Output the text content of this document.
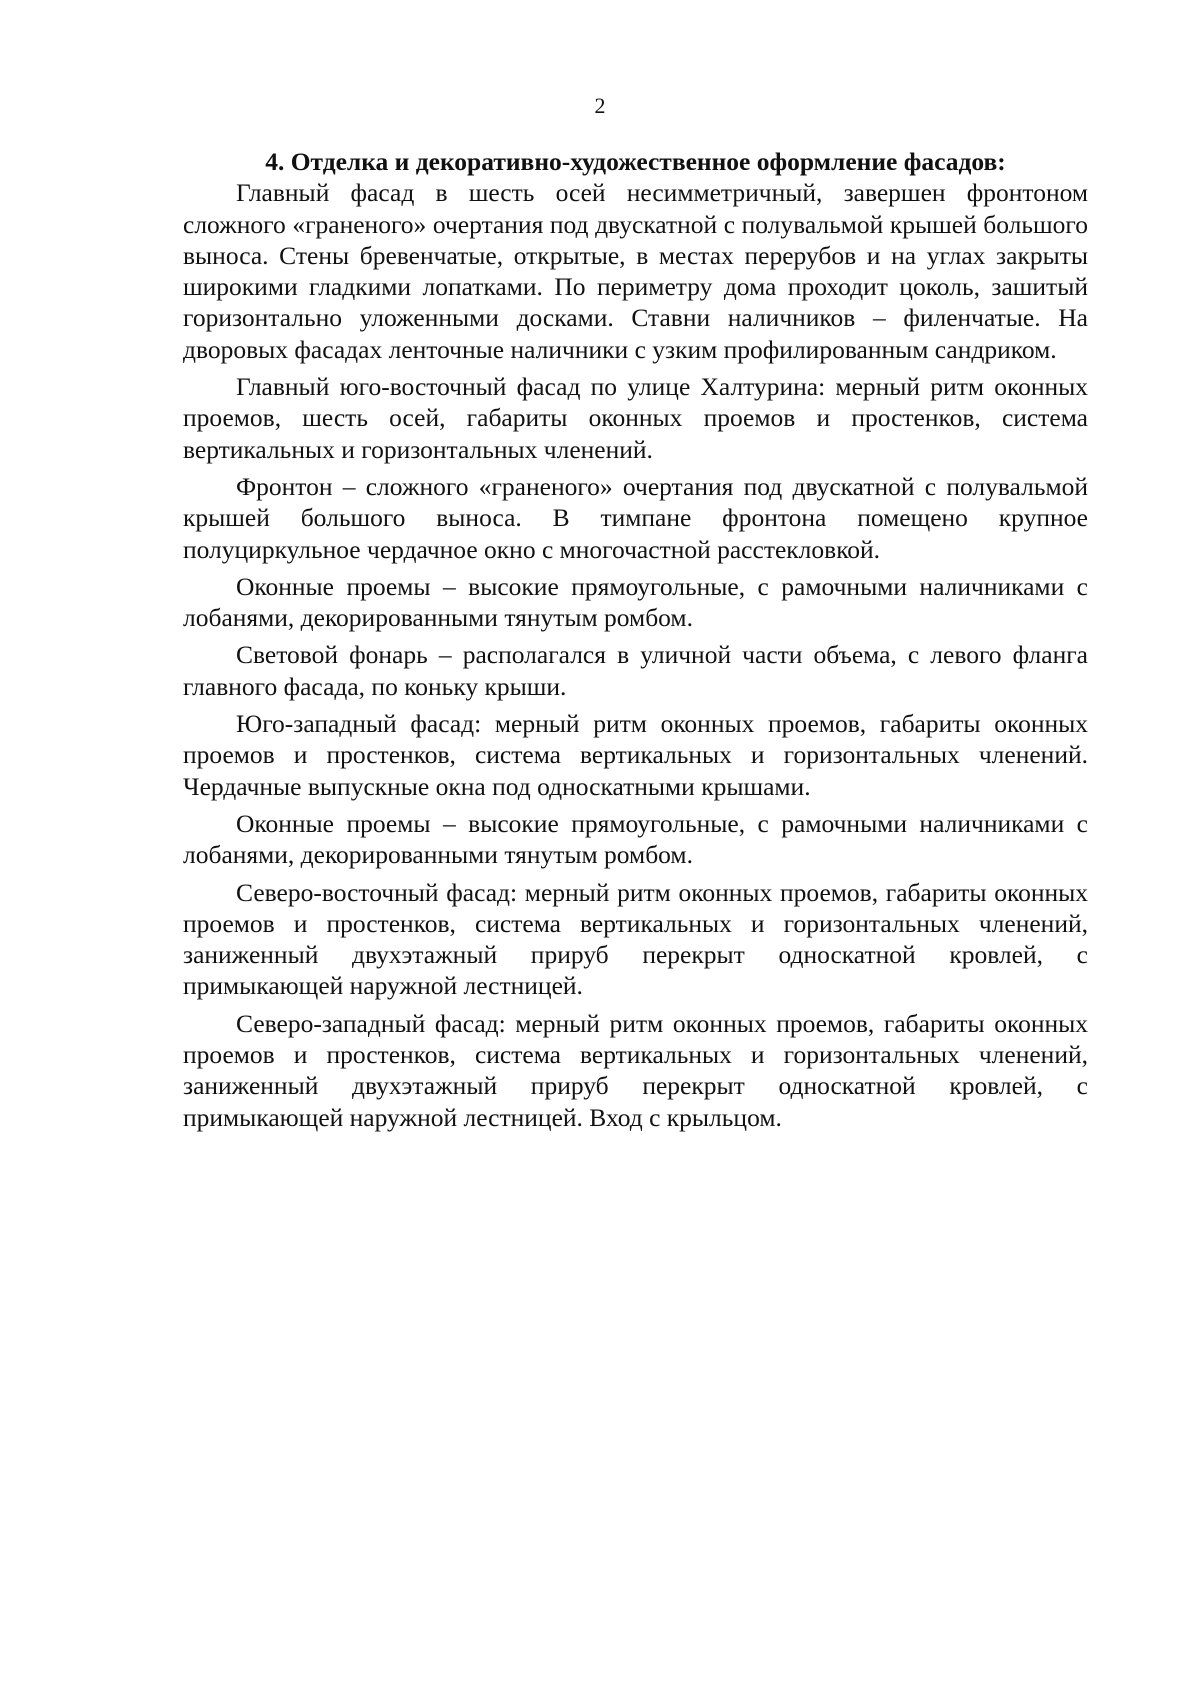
2
4. Отделка и декоративно-художественное оформление фасадов:

Главный фасад в шесть осей несимметричный, завершен фронтоном сложного «граненого» очертания под двускатной с полувальмой крышей большого выноса. Стены бревенчатые, открытые, в местах перерубов и на углах закрыты широкими гладкими лопатками. По периметру дома проходит цоколь, зашитый горизонтально уложенными досками. Ставни наличников – филенчатые. На дворовых фасадах ленточные наличники с узким профилированным сандриком.

Главный юго-восточный фасад по улице Халтурина: мерный ритм оконных проемов, шесть осей, габариты оконных проемов и простенков, система вертикальных и горизонтальных членений.

Фронтон – сложного «граненого» очертания под двускатной с полувальмой крышей большого выноса. В тимпане фронтона помещено крупное полуциркульное чердачное окно с многочастной расстекловкой.

Оконные проемы – высокие прямоугольные, с рамочными наличниками с лобанями, декорированными тянутым ромбом.

Световой фонарь – располагался в уличной части объема, с левого фланга главного фасада, по коньку крыши.

Юго-западный фасад: мерный ритм оконных проемов, габариты оконных проемов и простенков, система вертикальных и горизонтальных членений. Чердачные выпускные окна под односкатными крышами.

Оконные проемы – высокие прямоугольные, с рамочными наличниками с лобанями, декорированными тянутым ромбом.

Северо-восточный фасад: мерный ритм оконных проемов, габариты оконных проемов и простенков, система вертикальных и горизонтальных членений, заниженный двухэтажный прируб перекрыт односкатной кровлей, с примыкающей наружной лестницей.

Северо-западный фасад: мерный ритм оконных проемов, габариты оконных проемов и простенков, система вертикальных и горизонтальных членений, заниженный двухэтажный прируб перекрыт односкатной кровлей, с примыкающей наружной лестницей. Вход с крыльцом.
